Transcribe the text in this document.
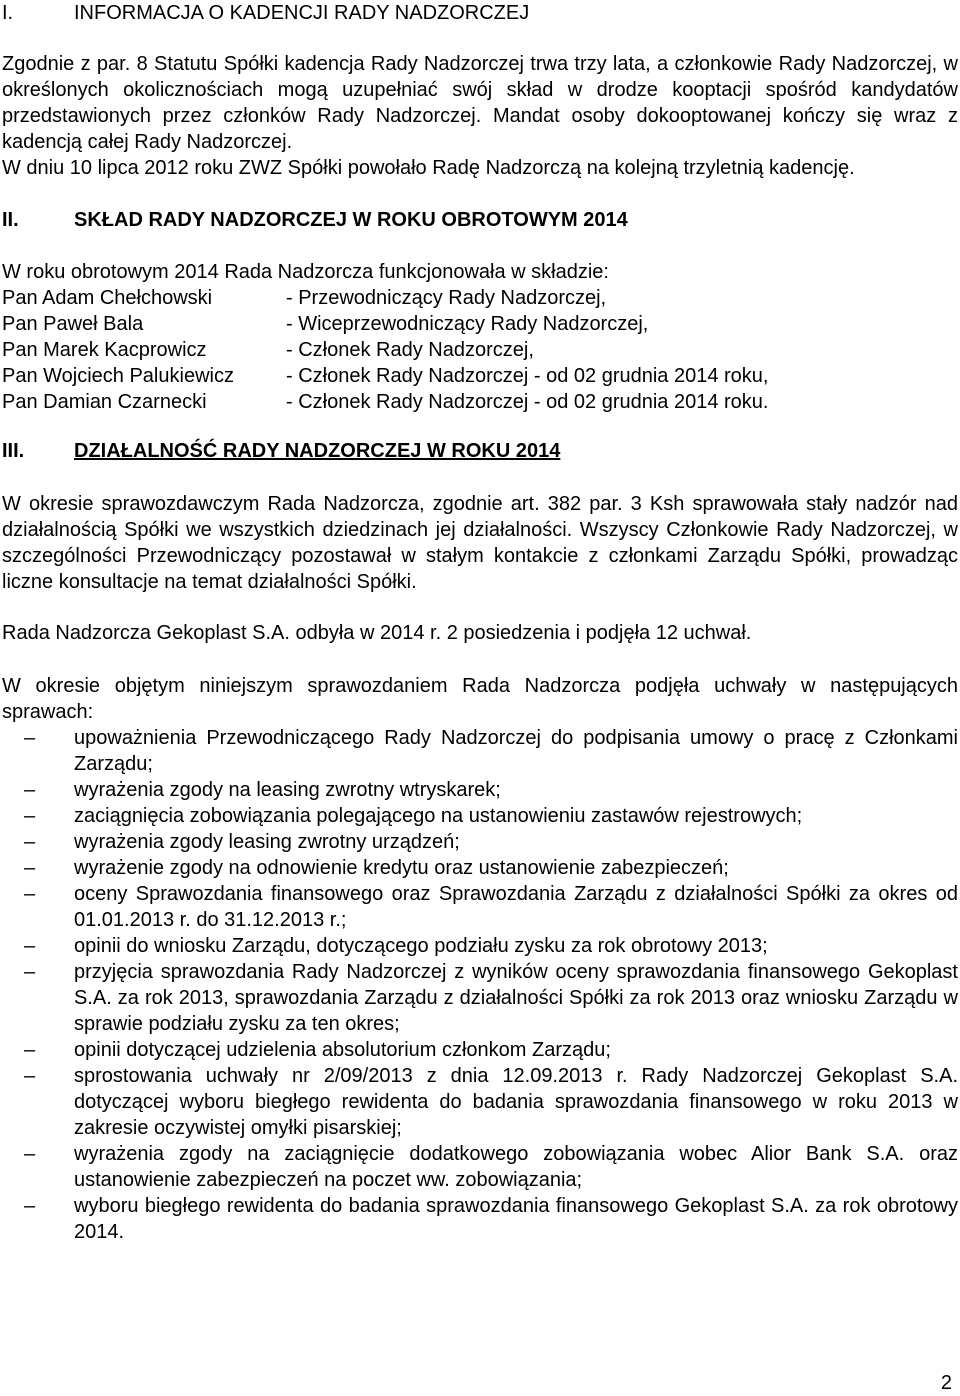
I.	INFORMACJA O KADENCJI RADY NADZORCZEJ
Zgodnie z par. 8 Statutu Spółki kadencja Rady Nadzorczej trwa trzy lata, a członkowie Rady Nadzorczej, w określonych okolicznościach mogą uzupełniać swój skład w drodze kooptacji spośród kandydatów przedstawionych przez członków Rady Nadzorczej. Mandat osoby dokooptowanej kończy się wraz z kadencją całej Rady Nadzorczej.
W dniu 10 lipca 2012 roku ZWZ Spółki powołało Radę Nadzorczą na kolejną trzyletnią kadencję.
II.	SKŁAD RADY NADZORCZEJ W ROKU OBROTOWYM 2014
W roku obrotowym 2014 Rada Nadzorcza funkcjonowała w składzie:
Pan Adam Chełchowski	- Przewodniczący Rady Nadzorczej,
Pan Paweł Bala	- Wiceprzewodniczący Rady Nadzorczej,
Pan Marek Kacprowicz	- Członek Rady Nadzorczej,
Pan Wojciech Palukiewicz	- Członek Rady Nadzorczej - od 02 grudnia 2014 roku,
Pan Damian Czarnecki	- Członek Rady Nadzorczej - od 02 grudnia 2014 roku.
III.	DZIAŁALNOŚĆ RADY NADZORCZEJ W ROKU 2014
W okresie sprawozdawczym Rada Nadzorcza, zgodnie art. 382 par. 3 Ksh sprawowała stały nadzór nad działalnością Spółki we wszystkich dziedzinach jej działalności. Wszyscy Członkowie Rady Nadzorczej, w szczególności Przewodniczący pozostawał w stałym kontakcie z członkami Zarządu Spółki, prowadząc liczne konsultacje na temat działalności Spółki.
Rada Nadzorcza Gekoplast S.A. odbyła w 2014 r. 2 posiedzenia i podjęła 12 uchwał.
W okresie objętym niniejszym sprawozdaniem Rada Nadzorcza podjęła uchwały w następujących sprawach:
–	upoważnienia Przewodniczącego Rady Nadzorczej do podpisania umowy o pracę z Członkami Zarządu;
–	wyrażenia zgody na leasing zwrotny wtryskarek;
–	zaciągnięcia zobowiązania polegającego na ustanowieniu zastawów rejestrowych;
–	wyrażenia zgody leasing zwrotny urządzeń;
–	wyrażenie zgody na odnowienie kredytu oraz ustanowienie zabezpieczeń;
–	oceny Sprawozdania finansowego oraz Sprawozdania Zarządu z działalności Spółki za okres od 01.01.2013 r. do 31.12.2013 r.;
–	opinii do wniosku Zarządu, dotyczącego podziału zysku za rok obrotowy 2013;
–	przyjęcia sprawozdania Rady Nadzorczej z wyników oceny sprawozdania finansowego Gekoplast S.A. za rok 2013, sprawozdania Zarządu z działalności Spółki za rok 2013 oraz wniosku Zarządu w sprawie podziału zysku za ten okres;
–	opinii dotyczącej udzielenia absolutorium członkom Zarządu;
–	sprostowania uchwały nr 2/09/2013 z dnia 12.09.2013 r. Rady Nadzorczej Gekoplast S.A. dotyczącej wyboru biegłego rewidenta do badania sprawozdania finansowego w roku 2013 w zakresie oczywistej omyłki pisarskiej;
–	wyrażenia zgody na zaciągnięcie dodatkowego zobowiązania wobec Alior Bank S.A. oraz ustanowienie zabezpieczeń na poczet ww. zobowiązania;
–	wyboru biegłego rewidenta do badania sprawozdania finansowego Gekoplast S.A. za rok obrotowy 2014.
2
